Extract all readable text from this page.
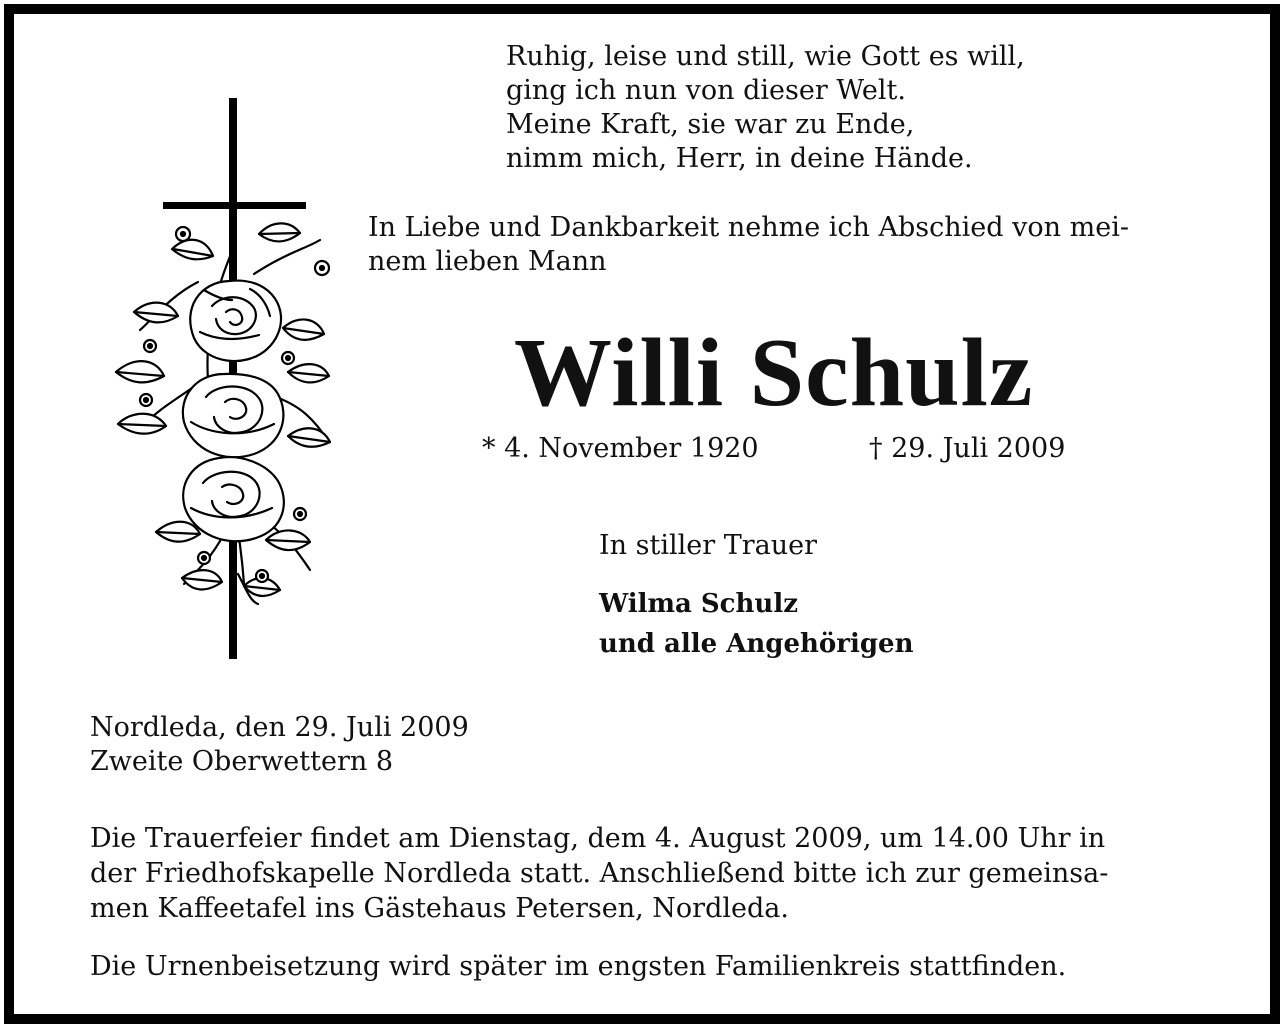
Ruhig, leise und still, wie Gott es will,
ging ich nun von dieser Welt.
Meine Kraft, sie war zu Ende,
nimm mich, Herr, in deine Hände.
In Liebe und Dankbarkeit nehme ich Abschied von mei-
nem lieben Mann
Willi Schulz
* 4. November 1920	† 29. Juli 2009
In stiller Trauer
Wilma Schulz
und alle Angehörigen
Nordleda, den 29. Juli 2009
Zweite Oberwettern 8
Die Trauerfeier findet am Dienstag, dem 4. August 2009, um 14.00 Uhr in
der Friedhofskapelle Nordleda statt. Anschließend bitte ich zur gemeinsa-
men Kaffeetafel ins Gästehaus Petersen, Nordleda.
Die Urnenbeisetzung wird später im engsten Familienkreis stattfinden.
